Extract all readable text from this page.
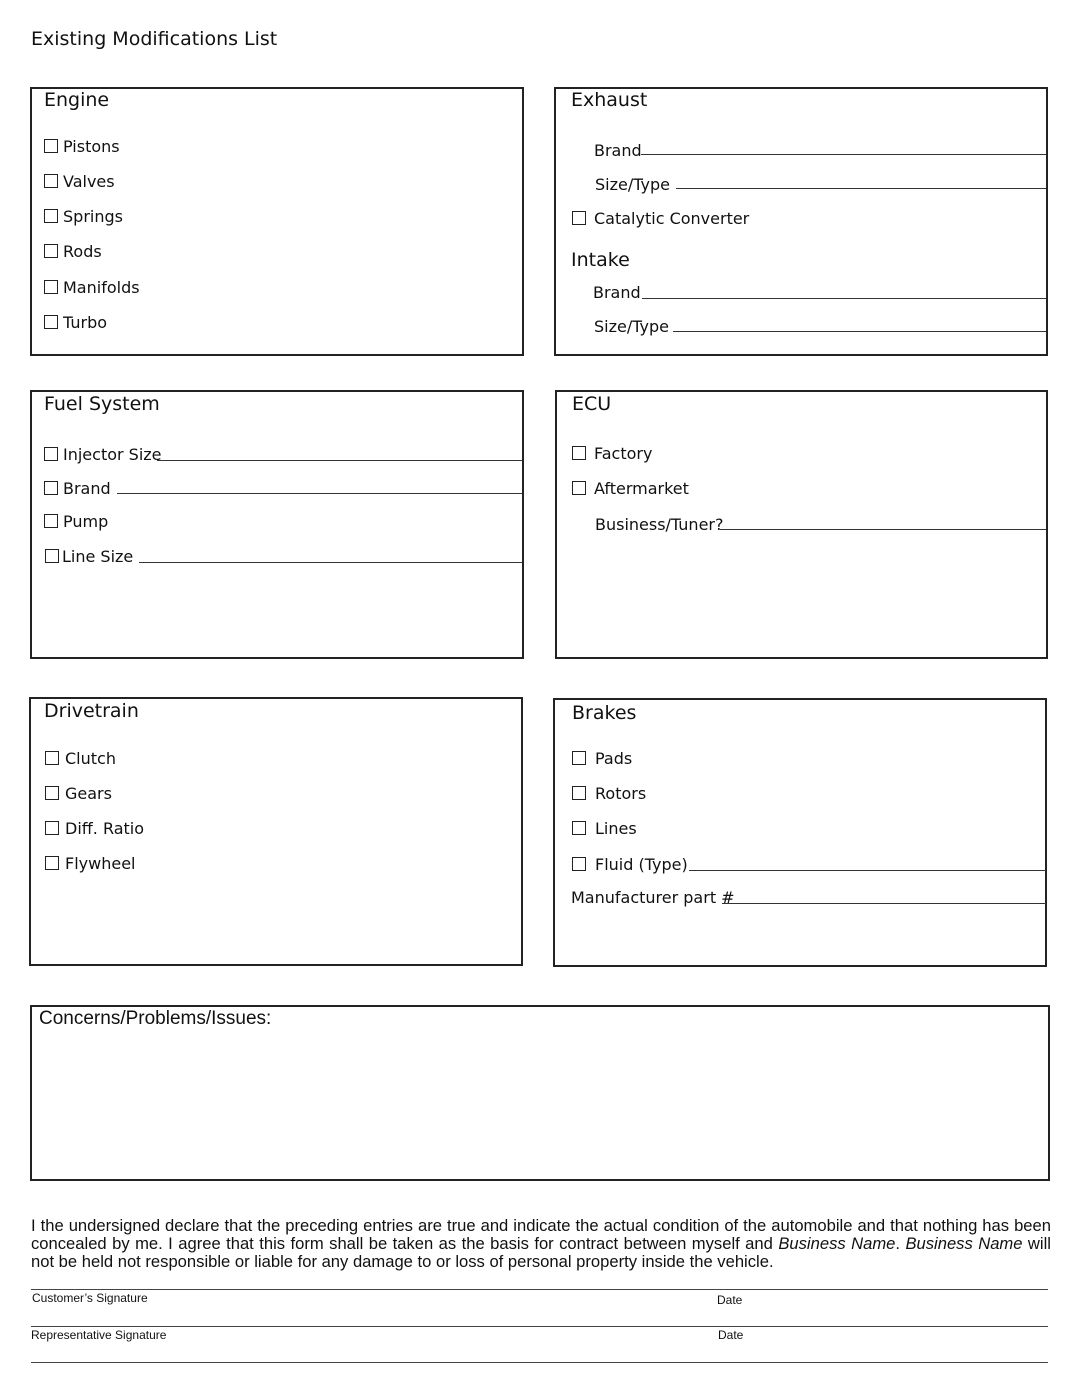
Existing Modifications List
Engine
Pistons
Valves
Springs
Rods
Manifolds
Turbo
Exhaust
Brand
Size/Type
Catalytic Converter
Intake
Brand
Size/Type
Fuel System
Injector Size
Brand
Pump
Line Size
ECU
Factory
Aftermarket
Business/Tuner?
Drivetrain
Clutch
Gears
Diff. Ratio
Flywheel
Brakes
Pads
Rotors
Lines
Fluid (Type)
Manufacturer part #
Concerns/Problems/Issues:
I the undersigned declare that the preceding entries are true and indicate the actual condition of the automobile and that nothing has been concealed by me. I agree that this form shall be taken as the basis for contract between myself and Business Name. Business Name will not be held not responsible or liable for any damage to or loss of personal property inside the vehicle.
Customer’s Signature	Date
Representative Signature	Date
